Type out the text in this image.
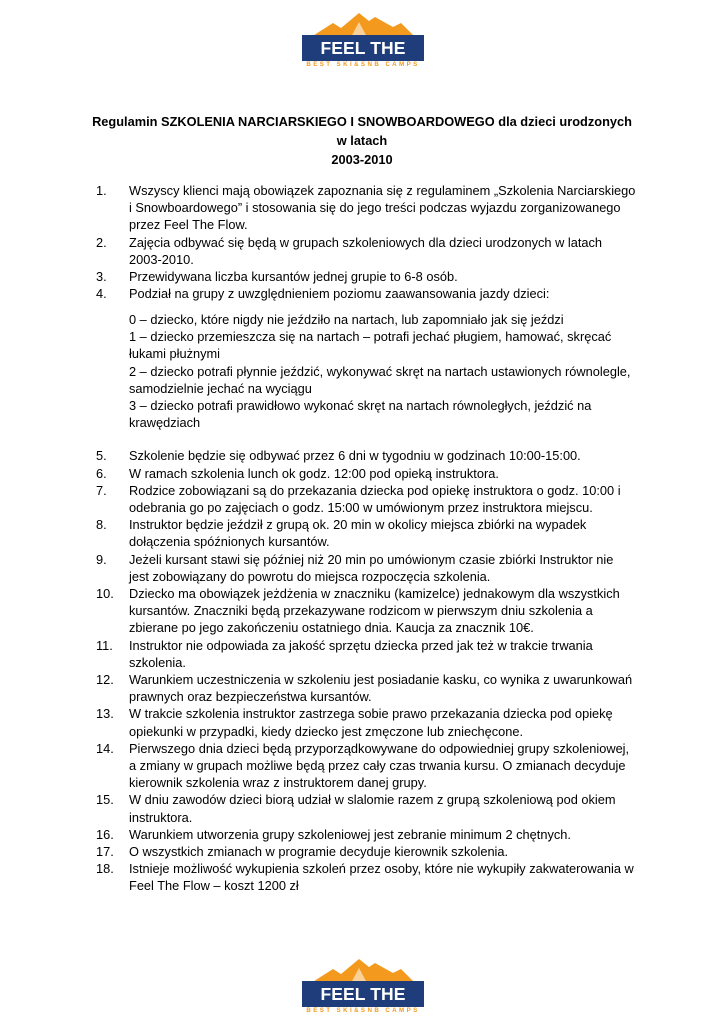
FEEL THE FLOW
BEST SKI&SNB CAMPS
Regulamin SZKOLENIA NARCIARSKIEGO I SNOWBOARDOWEGO dla dzieci urodzonych w latach
2003-2010
1.	Wszyscy klienci mają obowiązek zapoznania się z regulaminem „Szkolenia Narciarskiego i Snowboardowego” i stosowania się do jego treści podczas wyjazdu zorganizowanego przez Feel The Flow.
2.	Zajęcia odbywać się będą w grupach szkoleniowych dla dzieci urodzonych w latach 2003-2010.
3.	Przewidywana liczba kursantów jednej grupie to 6-8 osób.
4.	Podział na grupy z uwzględnieniem poziomu zaawansowania jazdy dzieci:
0 – dziecko, które nigdy nie jeździło na nartach, lub zapomniało jak się jeździ
1 – dziecko przemieszcza się na nartach – potrafi jechać pługiem, hamować, skręcać łukami płużnymi
2 – dziecko potrafi płynnie jeździć, wykonywać skręt na nartach ustawionych równolegle, samodzielnie jechać na wyciągu
3 – dziecko potrafi prawidłowo wykonać skręt na nartach równoległych, jeździć na krawędziach
5.	Szkolenie będzie się odbywać przez 6 dni w tygodniu w godzinach 10:00-15:00.
6.	W ramach szkolenia lunch ok godz. 12:00 pod opieką instruktora.
7.	Rodzice zobowiązani są do przekazania dziecka pod opiekę instruktora o godz. 10:00 i odebrania go po zajęciach o godz. 15:00 w umówionym przez instruktora miejscu.
8.	Instruktor będzie jeździł z grupą ok. 20 min w okolicy miejsca zbiórki na wypadek dołączenia spóźnionych kursantów.
9.	Jeżeli kursant stawi się później niż 20 min po umówionym czasie zbiórki Instruktor nie jest zobowiązany do powrotu do miejsca rozpoczęcia szkolenia.
10.	Dziecko ma obowiązek jeżdżenia w znaczniku (kamizelce) jednakowym dla wszystkich kursantów. Znaczniki będą przekazywane rodzicom w pierwszym dniu szkolenia a zbierane po jego zakończeniu ostatniego dnia. Kaucja za znacznik 10€.
11.	Instruktor nie odpowiada za jakość sprzętu dziecka przed jak też w trakcie trwania szkolenia.
12.	Warunkiem uczestniczenia w szkoleniu jest posiadanie kasku, co wynika z uwarunkowań prawnych oraz bezpieczeństwa kursantów.
13.	W trakcie szkolenia instruktor zastrzega sobie prawo przekazania dziecka pod opiekę opiekunki w przypadki, kiedy dziecko jest zmęczone lub zniechęcone.
14.	Pierwszego dnia dzieci będą przyporządkowywane do odpowiedniej grupy szkoleniowej, a zmiany w grupach możliwe będą przez cały czas trwania kursu. O zmianach decyduje kierownik szkolenia wraz z instruktorem danej grupy.
15.	W dniu zawodów dzieci biorą udział w slalomie razem z grupą szkoleniową pod okiem instruktora.
16.	Warunkiem utworzenia grupy szkoleniowej jest zebranie minimum 2 chętnych.
17.	O wszystkich zmianach w programie decyduje kierownik szkolenia.
18.	Istnieje możliwość wykupienia szkoleń przez osoby, które nie wykupiły zakwaterowania w Feel The Flow – koszt 1200 zł
FEEL THE FLOW
BEST SKI&SNB CAMPS
